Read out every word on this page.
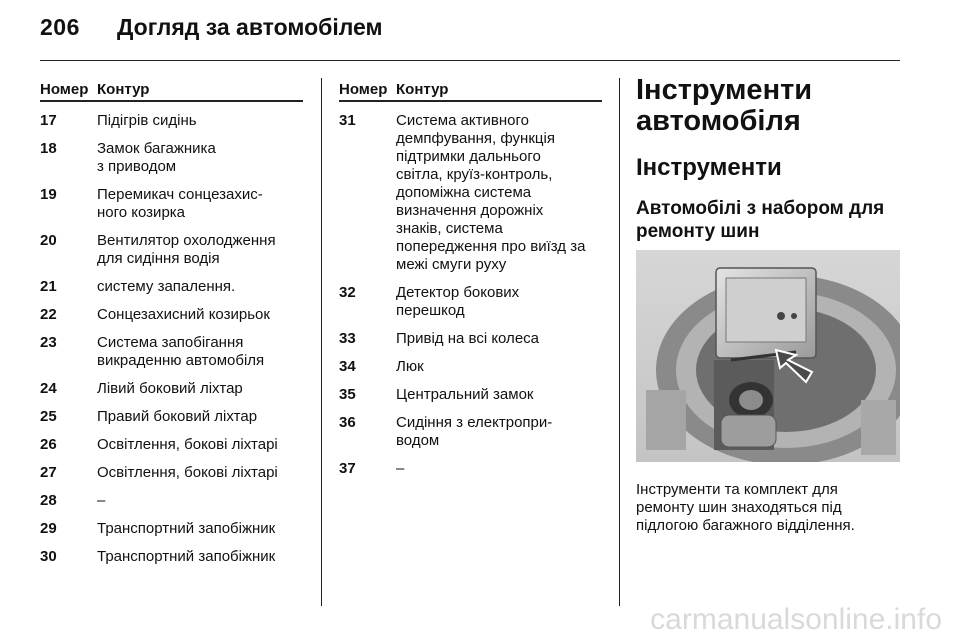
206 Догляд за автомобілем
Номер Контур
17	Підігрів сидінь
18	Замок багажника
з приводом
19	Перемикач сонцезахис-
ного козирка
20	Вентилятор охолодження
для сидіння водія
21	систему запалення.
22	Сонцезахисний козирьок
23	Система запобігання
викраденню автомобіля
24	Лівий боковий ліхтар
25	Правий боковий ліхтар
26	Освітлення, бокові ліхтарі
27	Освітлення, бокові ліхтарі
28	–
29	Транспортний запобіжник
30	Транспортний запобіжник
Номер Контур
31	Система активного
демпфування, функція
підтримки дальнього
світла, круїз-контроль,
допоміжна система
визначення дорожніх
знаків, система
попередження про виїзд за
межі смуги руху
32	Детектор бокових
перешкод
33	Привід на всі колеса
34	Люк
35	Центральний замок
36	Сидіння з електропри-
водом
37	–
Інструменти
автомобіля
Інструменти
Автомобілі з набором для
ремонту шин
Інструменти та комплект для
ремонту шин знаходяться під
підлогою багажного відділення.
carmanualsonline.info
